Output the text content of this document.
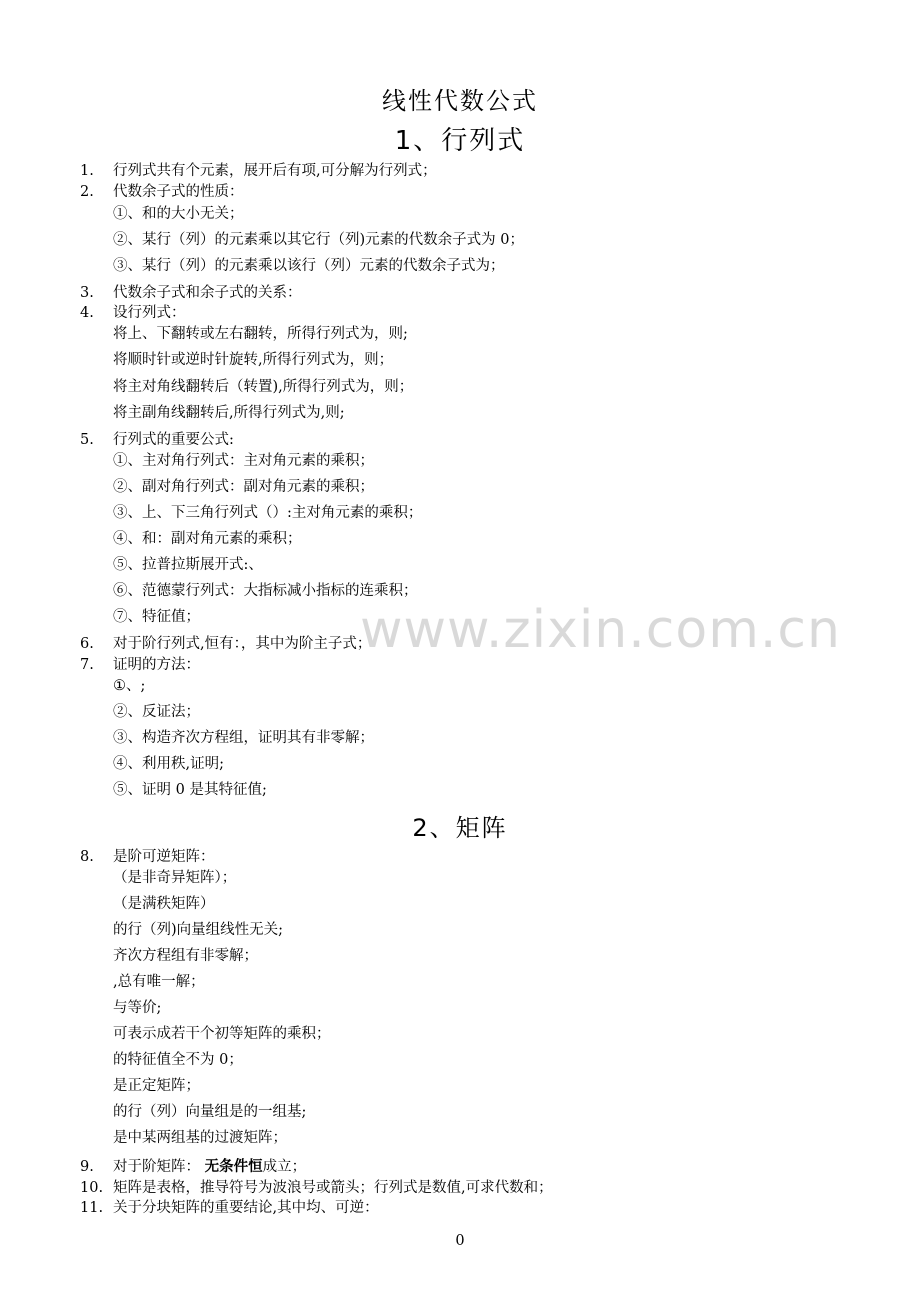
www.zixin.com.cn
线性代数公式
1、行列式
1. 行列式共有个元素，展开后有项,可分解为行列式；
2. 代数余子式的性质：
①、和的大小无关；
②、某行（列）的元素乘以其它行（列)元素的代数余子式为 0；
③、某行（列）的元素乘以该行（列）元素的代数余子式为；
3. 代数余子式和余子式的关系：
4. 设行列式：
将上、下翻转或左右翻转，所得行列式为，则;
将顺时针或逆时针旋转,所得行列式为，则；
将主对角线翻转后（转置),所得行列式为，则；
将主副角线翻转后,所得行列式为,则;
5. 行列式的重要公式:
①、主对角行列式：主对角元素的乘积；
②、副对角行列式：副对角元素的乘积；
③、上、下三角行列式（）:主对角元素的乘积；
④、和：副对角元素的乘积；
⑤、拉普拉斯展开式:、
⑥、范德蒙行列式：大指标减小指标的连乘积；
⑦、特征值；
6. 对于阶行列式,恒有：，其中为阶主子式；
7. 证明的方法：
①、;
②、反证法；
③、构造齐次方程组，证明其有非零解；
④、利用秩,证明;
⑤、证明 0 是其特征值;
2、矩阵
8. 是阶可逆矩阵：
（是非奇异矩阵）；
（是满秩矩阵）
的行（列)向量组线性无关;
齐次方程组有非零解；
,总有唯一解；
与等价;
可表示成若干个初等矩阵的乘积；
的特征值全不为 0；
是正定矩阵；
的行（列）向量组是的一组基;
是中某两组基的过渡矩阵；
9. 对于阶矩阵： 无条件恒成立；
10. 矩阵是表格，推导符号为波浪号或箭头；行列式是数值,可求代数和；
11. 关于分块矩阵的重要结论,其中均、可逆：
0
